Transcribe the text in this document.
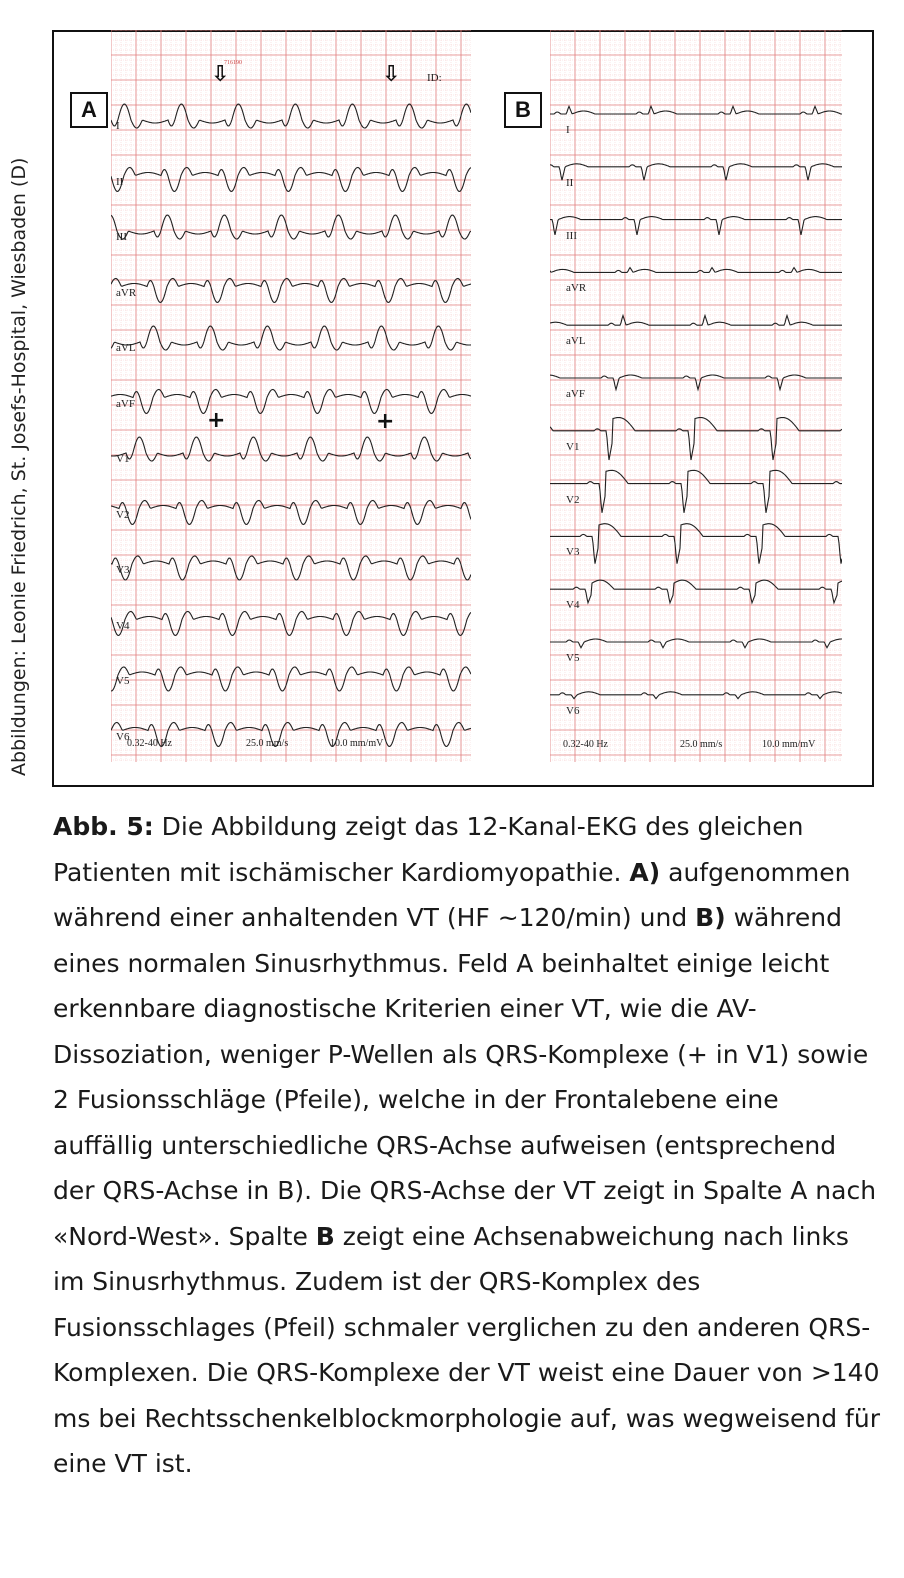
Abbildungen: Leonie Friedrich, St. Josefs-Hospital, Wiesbaden (D)
A
ID:
716190
⇩	⇩
+	+
I
II
III
aVR
aVL
aVF
V1
V2
V3
V4
V5
V6
0.32-40 Hz	25.0 mm/s	10.0 mm/mV
B
I
II
III
aVR
aVL
aVF
V1
V2
V3
V4
V5
V6
0.32-40 Hz	25.0 mm/s	10.0 mm/mV

Abb. 5: Die Abbildung zeigt das 12-Kanal-EKG des gleichen Patienten mit ischämischer Kardiomyopathie. A) aufgenommen während einer anhaltenden VT (HF ~120/min) und B) während eines normalen Sinusrhythmus. Feld A beinhaltet einige leicht erkennbare diagnostische Kriterien einer VT, wie die AV-Dissoziation, weniger P-Wellen als QRS-Komplexe (+ in V1) sowie 2 Fusionsschläge (Pfeile), welche in der Frontalebene eine auffällig unterschiedliche QRS-Achse aufweisen (entsprechend der QRS-Achse in B). Die QRS-Achse der VT zeigt in Spalte A nach «Nord-West». Spalte B zeigt eine Achsenabweichung nach links im Sinusrhythmus. Zudem ist der QRS-Komplex des Fusionsschlages (Pfeil) schmaler verglichen zu den anderen QRS-Komplexen. Die QRS-Komplexe der VT weist eine Dauer von >140 ms bei Rechtsschenkelblockmorphologie auf, was wegweisend für eine VT ist.
